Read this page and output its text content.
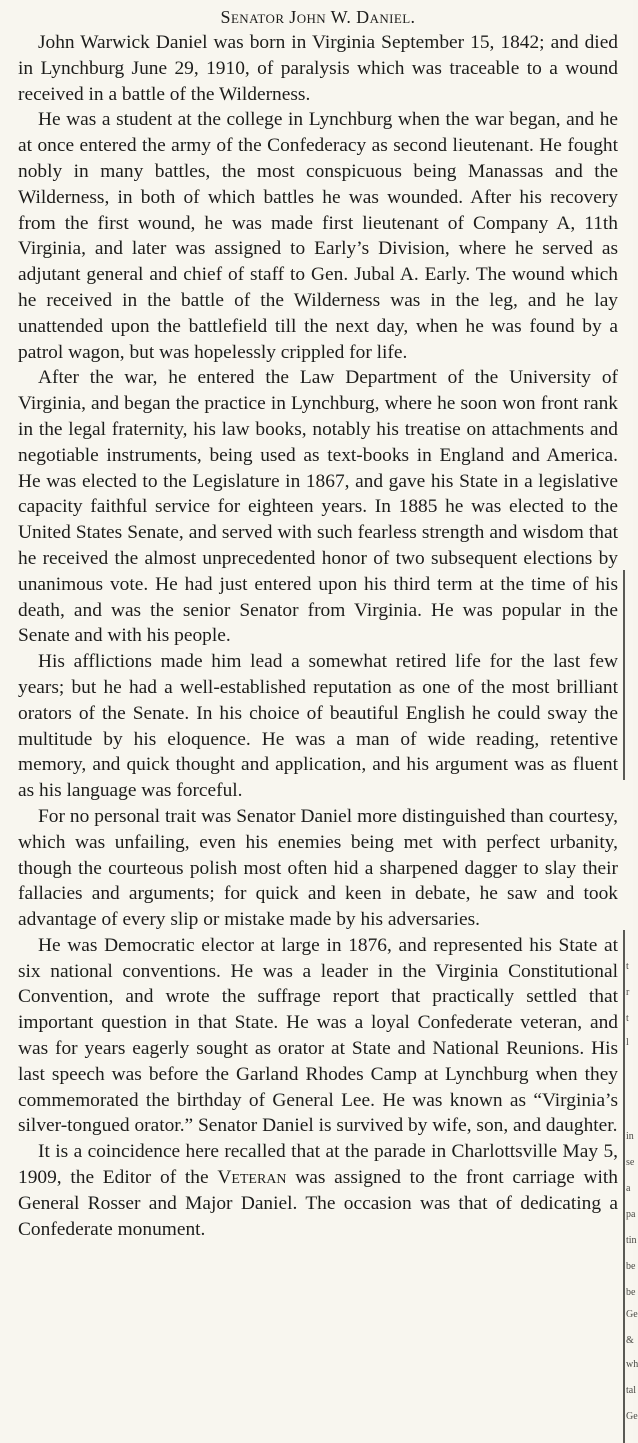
Senator John W. Daniel.

John Warwick Daniel was born in Virginia September 15, 1842; and died in Lynchburg June 29, 1910, of paralysis which was traceable to a wound received in a battle of the Wilderness.

He was a student at the college in Lynchburg when the war began, and he at once entered the army of the Confederacy as second lieutenant. He fought nobly in many battles, the most conspicuous being Manassas and the Wilderness, in both of which battles he was wounded. After his recovery from the first wound, he was made first lieutenant of Company A, 11th Virginia, and later was assigned to Early’s Division, where he served as adjutant general and chief of staff to Gen. Jubal A. Early. The wound which he received in the battle of the Wilderness was in the leg, and he lay unattended upon the battlefield till the next day, when he was found by a patrol wagon, but was hopelessly crippled for life.

After the war, he entered the Law Department of the University of Virginia, and began the practice in Lynchburg, where he soon won front rank in the legal fraternity, his law books, notably his treatise on attachments and negotiable instruments, being used as text-books in England and America. He was elected to the Legislature in 1867, and gave his State in a legislative capacity faithful service for eighteen years. In 1885 he was elected to the United States Senate, and served with such fearless strength and wisdom that he received the almost unprecedented honor of two subsequent elections by unanimous vote. He had just entered upon his third term at the time of his death, and was the senior Senator from Virginia. He was popular in the Senate and with his people.

His afflictions made him lead a somewhat retired life for the last few years; but he had a well-established reputation as one of the most brilliant orators of the Senate. In his choice of beautiful English he could sway the multitude by his eloquence. He was a man of wide reading, retentive memory, and quick thought and application, and his argument was as fluent as his language was forceful.

For no personal trait was Senator Daniel more distinguished than courtesy, which was unfailing, even his enemies being met with perfect urbanity, though the courteous polish most often hid a sharpened dagger to slay their fallacies and arguments; for quick and keen in debate, he saw and took advantage of every slip or mistake made by his adversaries.

He was Democratic elector at large in 1876, and represented his State at six national conventions. He was a leader in the Virginia Constitutional Convention, and wrote the suffrage report that practically settled that important question in that State. He was a loyal Confederate veteran, and was for years eagerly sought as orator at State and National Reunions. His last speech was before the Garland Rhodes Camp at Lynchburg when they commemorated the birthday of General Lee. He was known as “Virginia’s silver-tongued orator.” Senator Daniel is survived by wife, son, and daughter.

It is a coincidence here recalled that at the parade in Charlottsville May 5, 1909, the Editor of the Veteran was assigned to the front carriage with General Rosser and Major Daniel. The occasion was that of dedicating a Confederate monument.

t
r
t
l
in
se
a
pa
tin
be
be
Ge
&
wh
tal
Ge
